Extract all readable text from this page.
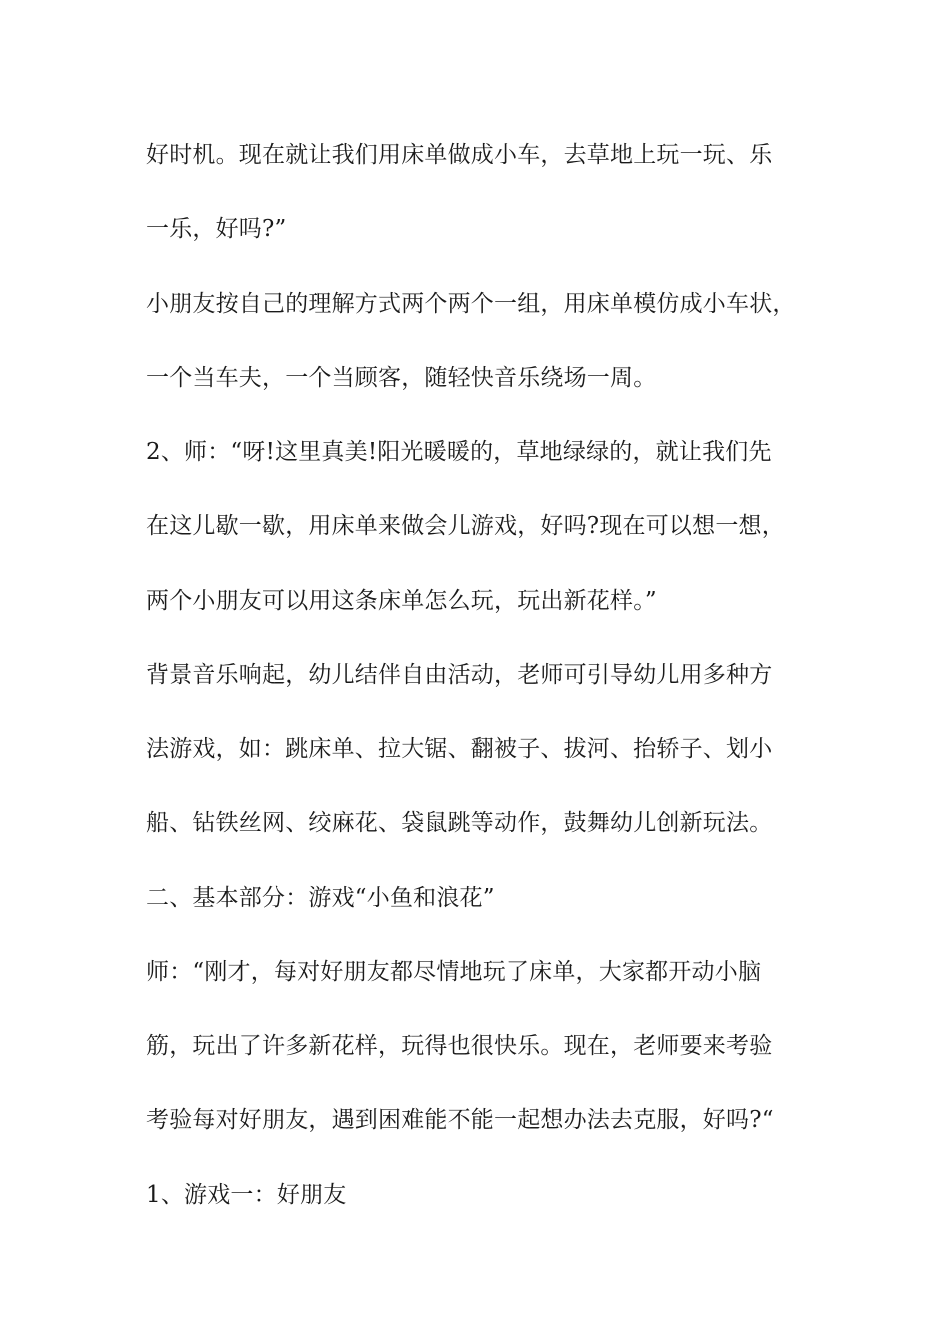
好时机。现在就让我们用床单做成小车，去草地上玩一玩、乐
一乐，好吗?”
小朋友按自己的理解方式两个两个一组，用床单模仿成小车状，
一个当车夫，一个当顾客，随轻快音乐绕场一周。
2、师：“呀!这里真美!阳光暖暖的，草地绿绿的，就让我们先
在这儿歇一歇，用床单来做会儿游戏，好吗?现在可以想一想，
两个小朋友可以用这条床单怎么玩，玩出新花样。”
背景音乐响起，幼儿结伴自由活动，老师可引导幼儿用多种方
法游戏，如：跳床单、拉大锯、翻被子、拔河、抬轿子、划小
船、钻铁丝网、绞麻花、袋鼠跳等动作，鼓舞幼儿创新玩法。
二、基本部分：游戏“小鱼和浪花”
师：“刚才，每对好朋友都尽情地玩了床单，大家都开动小脑
筋，玩出了许多新花样，玩得也很快乐。现在，老师要来考验
考验每对好朋友，遇到困难能不能一起想办法去克服，好吗?“
1、游戏一：好朋友
